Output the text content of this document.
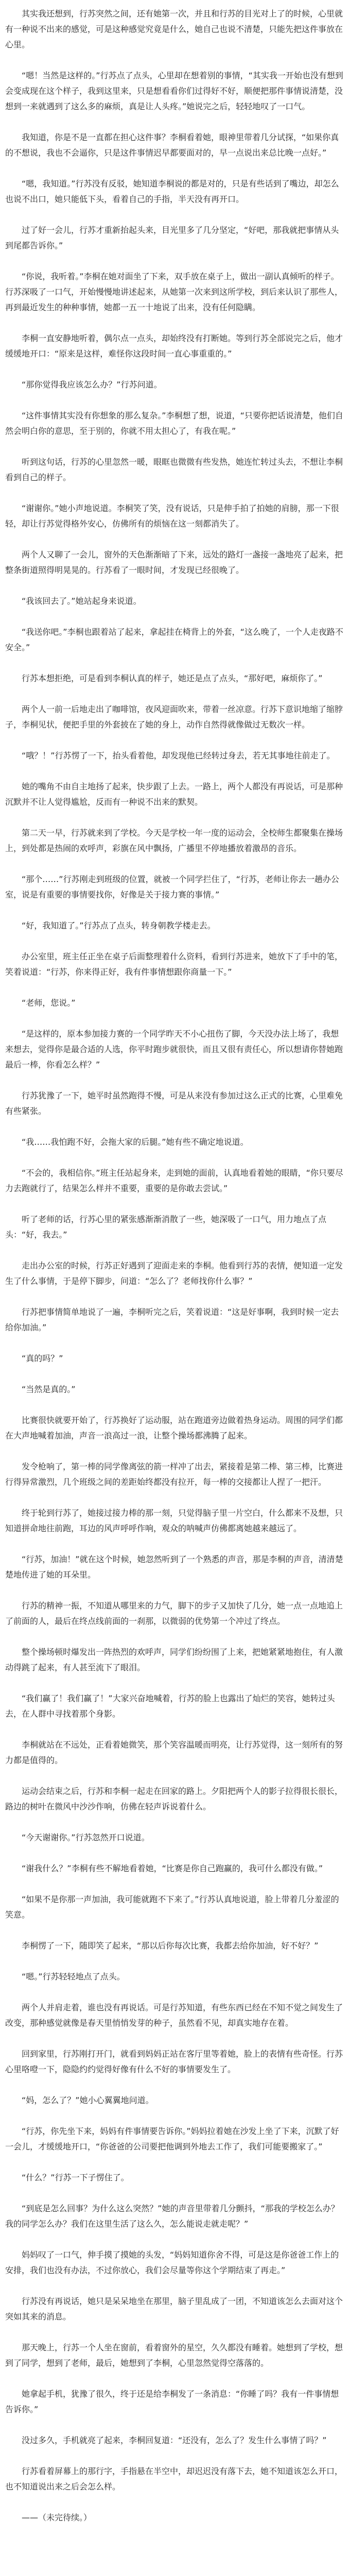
其实我还想到，行苏突然之间，还有她第一次，并且和行苏的目光对上了的时候，心里就有一种说不出来的感觉，可是这种感觉究竟是什么，她自己也说不清楚，只能先把这件事放在心里。

“嗯！当然是这样的。”行苏点了点头，心里却在想着别的事情，“其实我一开始也没有想到会变成现在这个样子，我到这里来，只是想看看你们过得好不好，顺便把那件事情说清楚，没想到一来就遇到了这么多的麻烦，真是让人头疼。”她说完之后，轻轻地叹了一口气。

我知道，你是不是一直都在担心这件事？李桐看着她，眼神里带着几分试探，“如果你真的不想说，我也不会逼你，只是这件事情迟早都要面对的，早一点说出来总比晚一点好。”

“嗯，我知道。”行苏没有反驳，她知道李桐说的都是对的，只是有些话到了嘴边，却怎么也说不出口，她只能低下头，看着自己的手指，半天没有再开口。

过了好一会儿，行苏才重新抬起头来，目光里多了几分坚定，“好吧，那我就把事情从头到尾都告诉你。”

“你说，我听着。”李桐在她对面坐了下来，双手放在桌子上，做出一副认真倾听的样子。行苏深吸了一口气，开始慢慢地讲述起来，从她第一次来到这所学校，到后来认识了那些人，再到最近发生的种种事情，她都一五一十地说了出来，没有任何隐瞒。

李桐一直安静地听着，偶尔点一点头，却始终没有打断她。等到行苏全部说完之后，他才缓缓地开口：“原来是这样，难怪你这段时间一直心事重重的。”

“那你觉得我应该怎么办？”行苏问道。

“这件事情其实没有你想象的那么复杂。”李桐想了想，说道，“只要你把话说清楚，他们自然会明白你的意思，至于别的，你就不用太担心了，有我在呢。”

听到这句话，行苏的心里忽然一暖，眼眶也微微有些发热，她连忙转过头去，不想让李桐看到自己的样子。

“谢谢你。”她小声地说道。李桐笑了笑，没有说话，只是伸手拍了拍她的肩膀，那一下很轻，却让行苏觉得格外安心，仿佛所有的烦恼在这一刻都消失了。

两个人又聊了一会儿，窗外的天色渐渐暗了下来，远处的路灯一盏接一盏地亮了起来，把整条街道照得明晃晃的。行苏看了一眼时间，才发现已经很晚了。

“我该回去了。”她站起身来说道。

“我送你吧。”李桐也跟着站了起来，拿起挂在椅背上的外套，“这么晚了，一个人走夜路不安全。”

行苏本想拒绝，可是看到李桐认真的样子，她还是点了点头，“那好吧，麻烦你了。”

两个人一前一后地走出了咖啡馆，夜风迎面吹来，带着一丝凉意。行苏下意识地缩了缩脖子，李桐见状，便把手里的外套披在了她的身上，动作自然得就像做过无数次一样。

“哦？！”行苏愣了一下，抬头看着他，却发现他已经转过身去，若无其事地往前走了。

她的嘴角不由自主地扬了起来，快步跟了上去。一路上，两个人都没有再说话，可是那种沉默并不让人觉得尴尬，反而有一种说不出来的默契。

第二天一早，行苏就来到了学校。今天是学校一年一度的运动会，全校师生都聚集在操场上，到处都是热闹的欢呼声，彩旗在风中飘扬，广播里不停地播放着激昂的音乐。

“那个……”行苏刚走到班级的位置，就被一个同学拦住了，“行苏，老师让你去一趟办公室，说是有重要的事情要找你，好像是关于接力赛的事情。”

“好，我知道了。”行苏点了点头，转身朝教学楼走去。

办公室里，班主任正坐在桌子后面整理着什么资料，看到行苏进来，她放下了手中的笔，笑着说道：“行苏，你来得正好，我有件事情想跟你商量一下。”

“老师，您说。”

“是这样的，原本参加接力赛的一个同学昨天不小心扭伤了脚，今天没办法上场了，我想来想去，觉得你是最合适的人选，你平时跑步就很快，而且又很有责任心，所以想请你替她跑最后一棒，你看怎么样？”

行苏犹豫了一下，她平时虽然跑得不慢，可是从来没有参加过这么正式的比赛，心里难免有些紧张。

“我……我怕跑不好，会拖大家的后腿。”她有些不确定地说道。

“不会的，我相信你。”班主任站起身来，走到她的面前，认真地看着她的眼睛，“你只要尽力去跑就行了，结果怎么样并不重要，重要的是你敢去尝试。”

听了老师的话，行苏心里的紧张感渐渐消散了一些，她深吸了一口气，用力地点了点头：“好，我去。”

走出办公室的时候，行苏正好遇到了迎面走来的李桐。他看到行苏的表情，便知道一定发生了什么事情，于是停下脚步，问道：“怎么了？老师找你什么事？”

行苏把事情简单地说了一遍，李桐听完之后，笑着说道：“这是好事啊，我到时候一定去给你加油。”

“真的吗？”

“当然是真的。”

比赛很快就要开始了，行苏换好了运动服，站在跑道旁边做着热身运动。周围的同学们都在大声地喊着加油，声音一浪高过一浪，让整个操场都沸腾了起来。

发令枪响了，第一棒的同学像离弦的箭一样冲了出去，紧接着是第二棒、第三棒，比赛进行得异常激烈，几个班级之间的差距始终都没有拉开，每一棒的交接都让人捏了一把汗。

终于轮到行苏了，她接过接力棒的那一刻，只觉得脑子里一片空白，什么都来不及想，只知道拼命地往前跑，耳边的风声呼呼作响，观众的呐喊声仿佛都离她越来越远了。

“行苏，加油！”就在这个时候，她忽然听到了一个熟悉的声音，那是李桐的声音，清清楚楚地传进了她的耳朵里。

行苏的精神一振，不知道从哪里来的力气，脚下的步子又加快了几分，她一点一点地追上了前面的人，最后在终点线前面的一刹那，以微弱的优势第一个冲过了终点。

整个操场顿时爆发出一阵热烈的欢呼声，同学们纷纷围了上来，把她紧紧地抱住，有人激动得跳了起来，有人甚至流下了眼泪。

“我们赢了！我们赢了！”大家兴奋地喊着，行苏的脸上也露出了灿烂的笑容，她转过头去，在人群中寻找着那个身影。

李桐就站在不远处，正看着她微笑，那个笑容温暖而明亮，让行苏觉得，这一刻所有的努力都是值得的。

运动会结束之后，行苏和李桐一起走在回家的路上。夕阳把两个人的影子拉得很长很长，路边的树叶在微风中沙沙作响，仿佛在轻声诉说着什么。

“今天谢谢你。”行苏忽然开口说道。

“谢我什么？”李桐有些不解地看着她，“比赛是你自己跑赢的，我可什么都没有做。”

“如果不是你那一声加油，我可能就跑不下来了。”行苏认真地说道，脸上带着几分羞涩的笑意。

李桐愣了一下，随即笑了起来，“那以后你每次比赛，我都去给你加油，好不好？”

“嗯。”行苏轻轻地点了点头。

两个人并肩走着，谁也没有再说话。可是行苏知道，有些东西已经在不知不觉之间发生了改变，那种感觉就像是春天里悄悄发芽的种子，虽然看不见，却真实地存在着。

回到家里，行苏刚打开门，就看到妈妈正站在客厅里等着她，脸上的表情有些奇怪。行苏心里咯噔一下，隐隐约约觉得好像有什么不好的事情要发生了。

“妈，怎么了？”她小心翼翼地问道。

“行苏，你先坐下来，妈妈有件事情要告诉你。”妈妈拉着她在沙发上坐了下来，沉默了好一会儿，才缓缓地开口，“你爸爸的公司要把他调到外地去工作了，我们可能要搬家了。”

“什么？”行苏一下子愣住了。

“到底是怎么回事？为什么这么突然？”她的声音里带着几分颤抖，“那我的学校怎么办？我的同学怎么办？我们在这里生活了这么久，怎么能说走就走呢？”

妈妈叹了一口气，伸手摸了摸她的头发，“妈妈知道你舍不得，可是这是你爸爸工作上的安排，我们也没有办法，不过你放心，我们会尽量等你这个学期结束了再走。”

行苏没有再说话，她只是呆呆地坐在那里，脑子里乱成了一团，不知道该怎么去面对这个突如其来的消息。

那天晚上，行苏一个人坐在窗前，看着窗外的星空，久久都没有睡着。她想到了学校，想到了同学，想到了老师，最后，她想到了李桐，心里忽然觉得空落落的。

她拿起手机，犹豫了很久，终于还是给李桐发了一条消息：“你睡了吗？我有一件事情想告诉你。”

没过多久，手机就亮了起来，李桐回复道：“还没有，怎么了？发生什么事情了吗？”

行苏看着屏幕上的那行字，手指悬在半空中，却迟迟没有落下去，她不知道该怎么开口，也不知道说出来之后会怎么样。

——（未完待续。）
